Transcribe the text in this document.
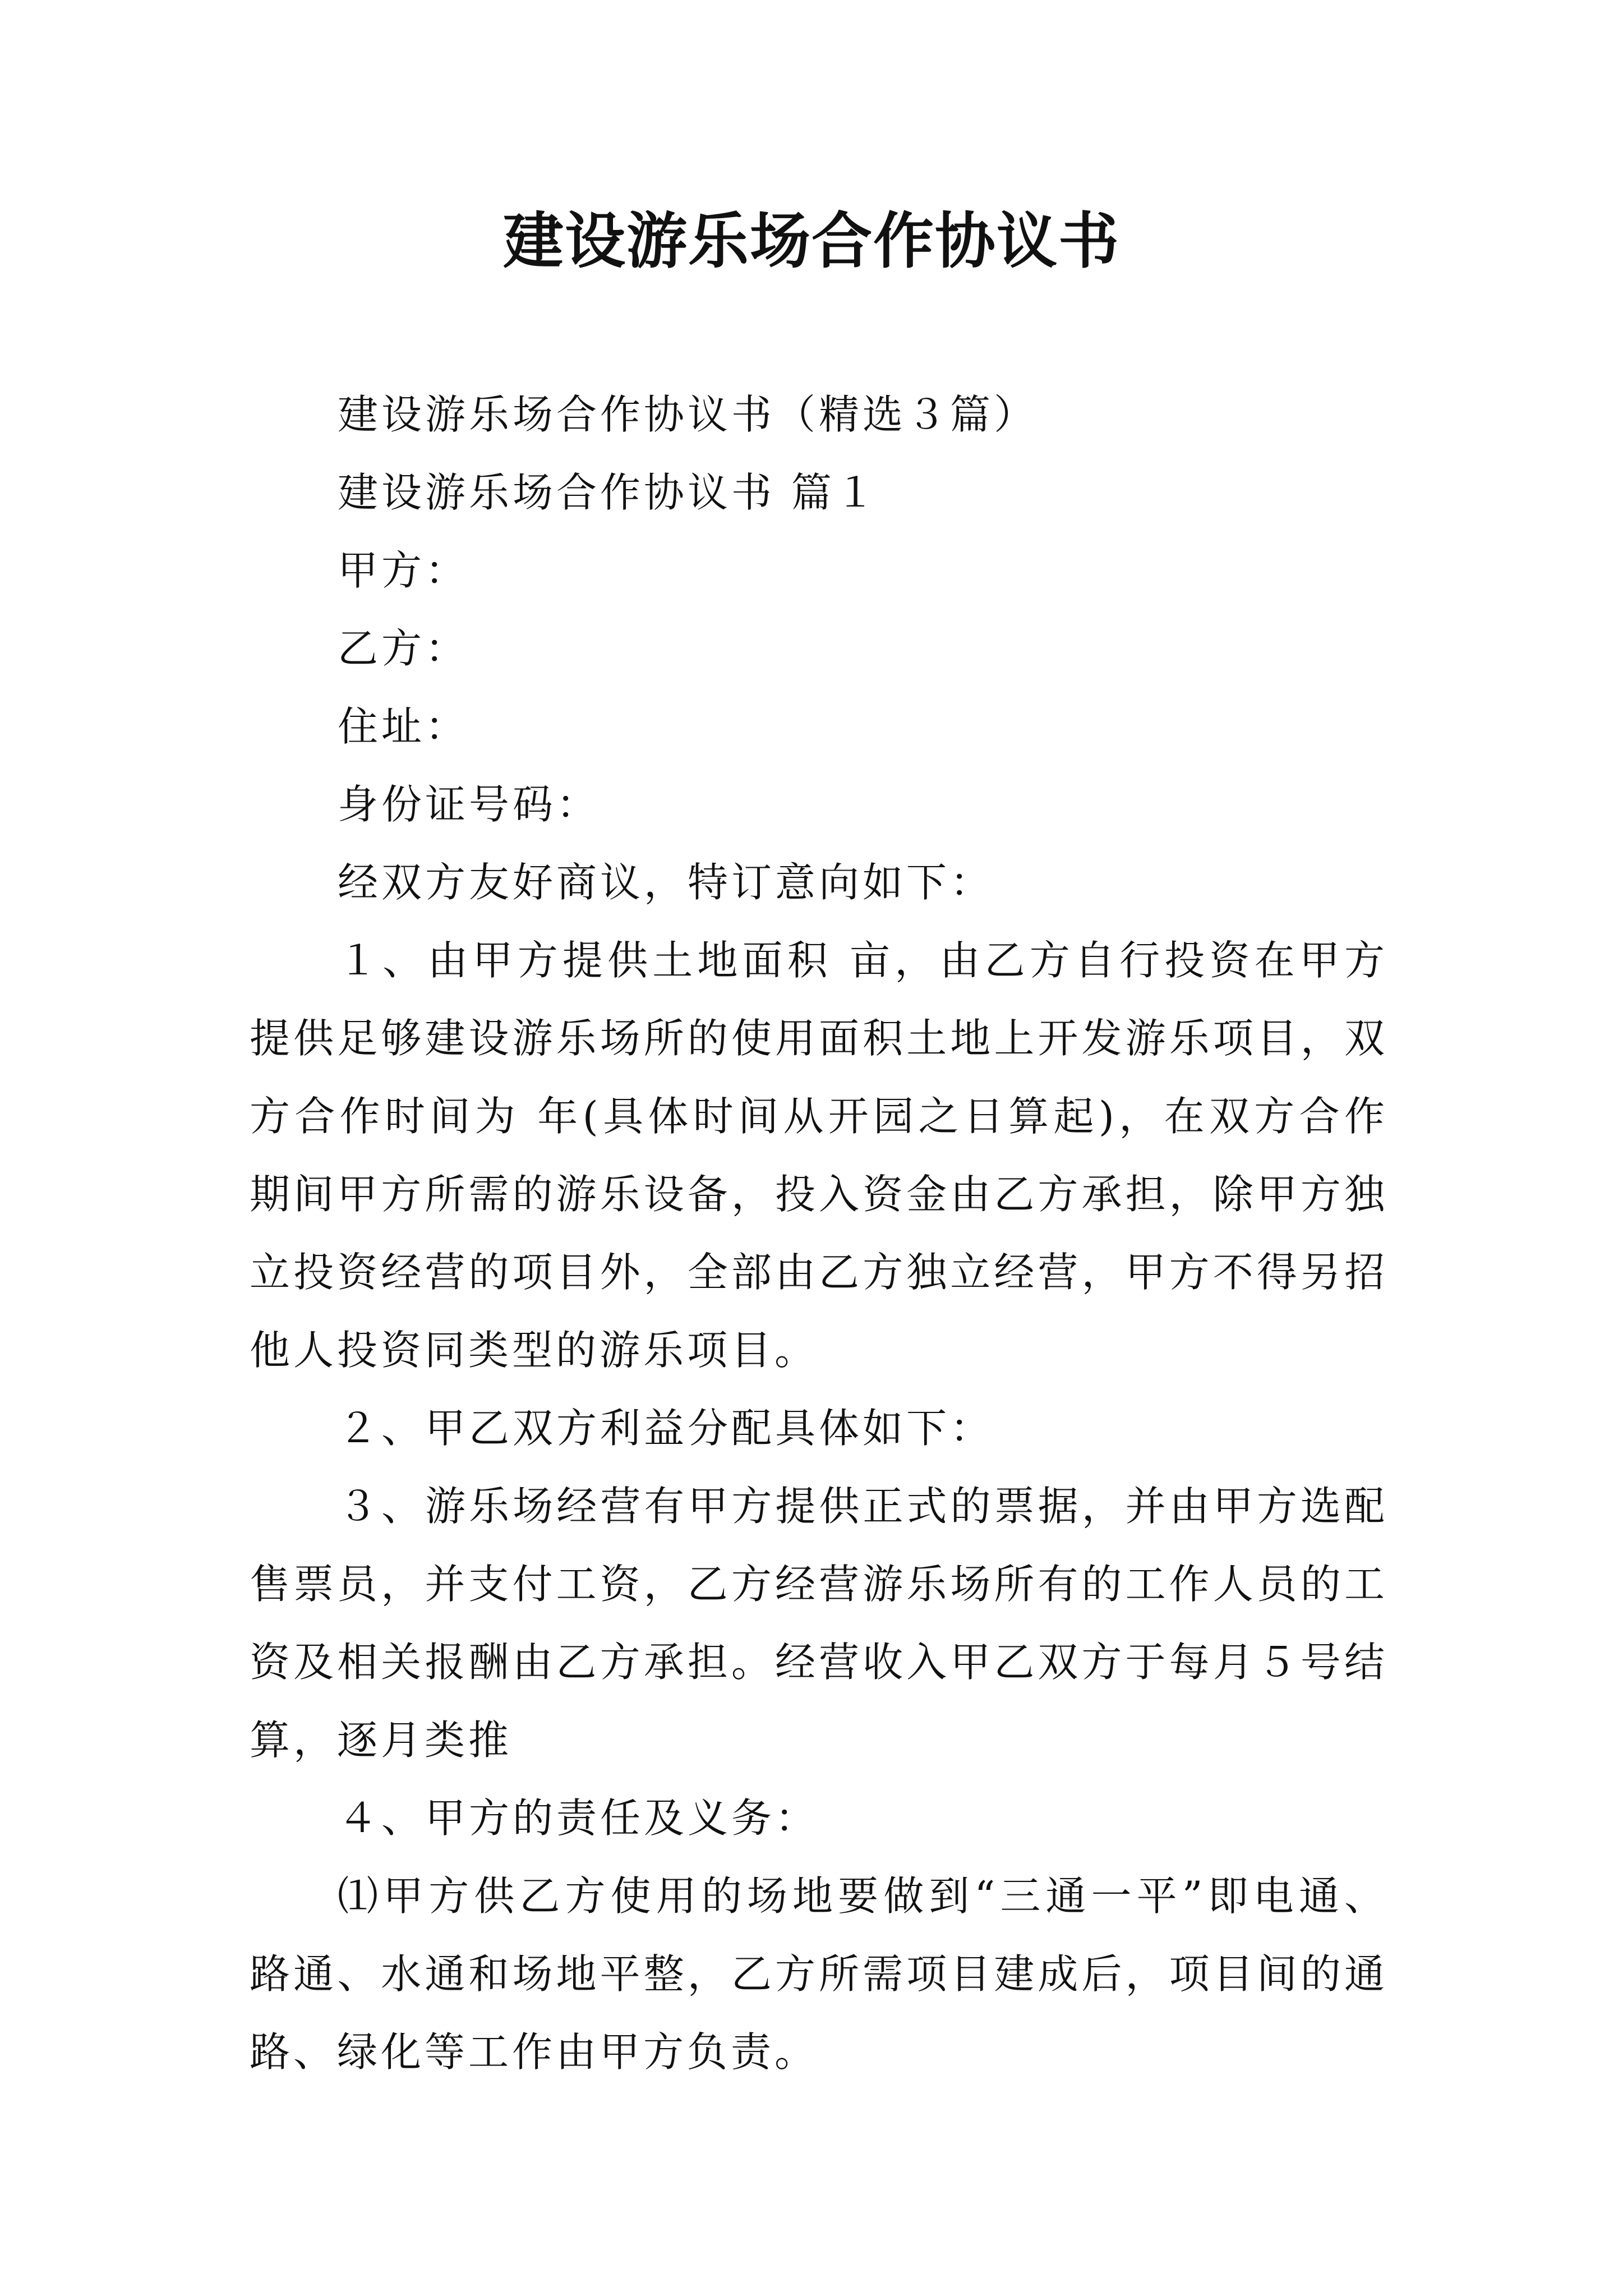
建设游乐场合作协议书

建设游乐场合作协议书（精选３篇）

建设游乐场合作协议书 篇１

甲方：

乙方：

住址：

身份证号码：

经双方友好商议，特订意向如下：

１、由甲方提供土地面积 亩，由乙方自行投资在甲方提供足够建设游乐场所的使用面积土地上开发游乐项目，双方合作时间为 年(具体时间从开园之日算起)，在双方合作期间甲方所需的游乐设备，投入资金由乙方承担，除甲方独立投资经营的项目外，全部由乙方独立经营，甲方不得另招他人投资同类型的游乐项目。

２、甲乙双方利益分配具体如下：

３、游乐场经营有甲方提供正式的票据，并由甲方选配售票员，并支付工资，乙方经营游乐场所有的工作人员的工资及相关报酬由乙方承担。经营收入甲乙双方于每月５号结算，逐月类推

４、甲方的责任及义务：

⑴甲方供乙方使用的场地要做到“三通一平”即电通、路通、水通和场地平整，乙方所需项目建成后，项目间的通路、绿化等工作由甲方负责。
